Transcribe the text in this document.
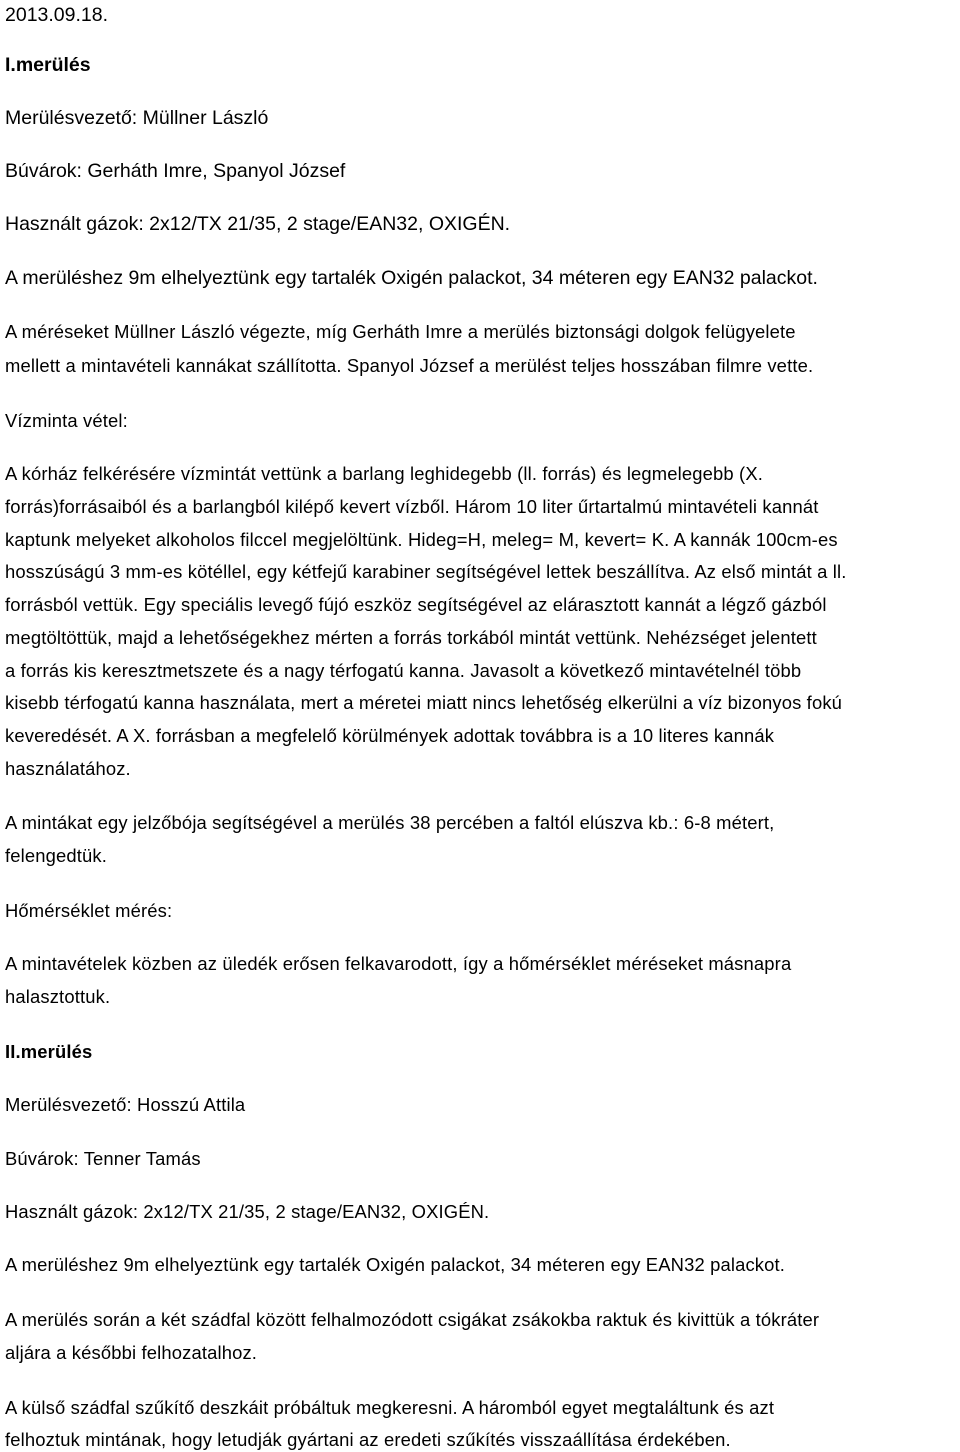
2013.09.18.

I.merülés

Merülésvezető: Müllner László

Búvárok: Gerháth Imre, Spanyol József

Használt gázok: 2x12/TX 21/35, 2 stage/EAN32, OXIGÉN.

A merüléshez 9m elhelyeztünk egy tartalék Oxigén palackot, 34 méteren egy EAN32 palackot.

A méréseket Müllner László végezte, míg Gerháth Imre a merülés biztonsági dolgok felügyelete

mellett a mintavételi kannákat szállította. Spanyol József a merülést teljes hosszában filmre vette.

Vízminta vétel:

A kórház felkérésére vízmintát vettünk a barlang leghidegebb (ll. forrás) és legmelegebb (X.

forrás)forrásaiból és a barlangból kilépő kevert vízből. Három 10 liter űrtartalmú mintavételi kannát

kaptunk melyeket alkoholos filccel megjelöltünk. Hideg=H, meleg= M, kevert= K. A kannák 100cm-es

hosszúságú 3 mm-es kötéllel, egy kétfejű karabiner segítségével lettek beszállítva. Az első mintát a ll.

forrásból vettük. Egy speciális levegő fújó eszköz segítségével az elárasztott kannát a légző gázból

megtöltöttük, majd a lehetőségekhez mérten a forrás torkából mintát vettünk. Nehézséget jelentett

a forrás kis keresztmetszete és a nagy térfogatú kanna. Javasolt a következő mintavételnél több

kisebb térfogatú kanna használata, mert a méretei miatt nincs lehetőség elkerülni a víz bizonyos fokú

keveredését. A X. forrásban a megfelelő körülmények adottak továbbra is a 10 literes kannák

használatához.

A mintákat egy jelzőbója segítségével a merülés 38 percében a faltól elúszva kb.: 6-8 métert,

felengedtük.

Hőmérséklet mérés:

A mintavételek közben az üledék erősen felkavarodott, így a hőmérséklet méréseket másnapra

halasztottuk.

II.merülés

Merülésvezető: Hosszú Attila

Búvárok: Tenner Tamás

Használt gázok: 2x12/TX 21/35, 2 stage/EAN32, OXIGÉN.

A merüléshez 9m elhelyeztünk egy tartalék Oxigén palackot, 34 méteren egy EAN32 palackot.

A merülés során a két szádfal között felhalmozódott csigákat zsákokba raktuk és kivittük a tókráter

aljára a későbbi felhozatalhoz.

A külső szádfal szűkítő deszkáit próbáltuk megkeresni. A háromból egyet megtaláltunk és azt

felhoztuk mintának, hogy letudják gyártani az eredeti szűkítés visszaállítása érdekében.
